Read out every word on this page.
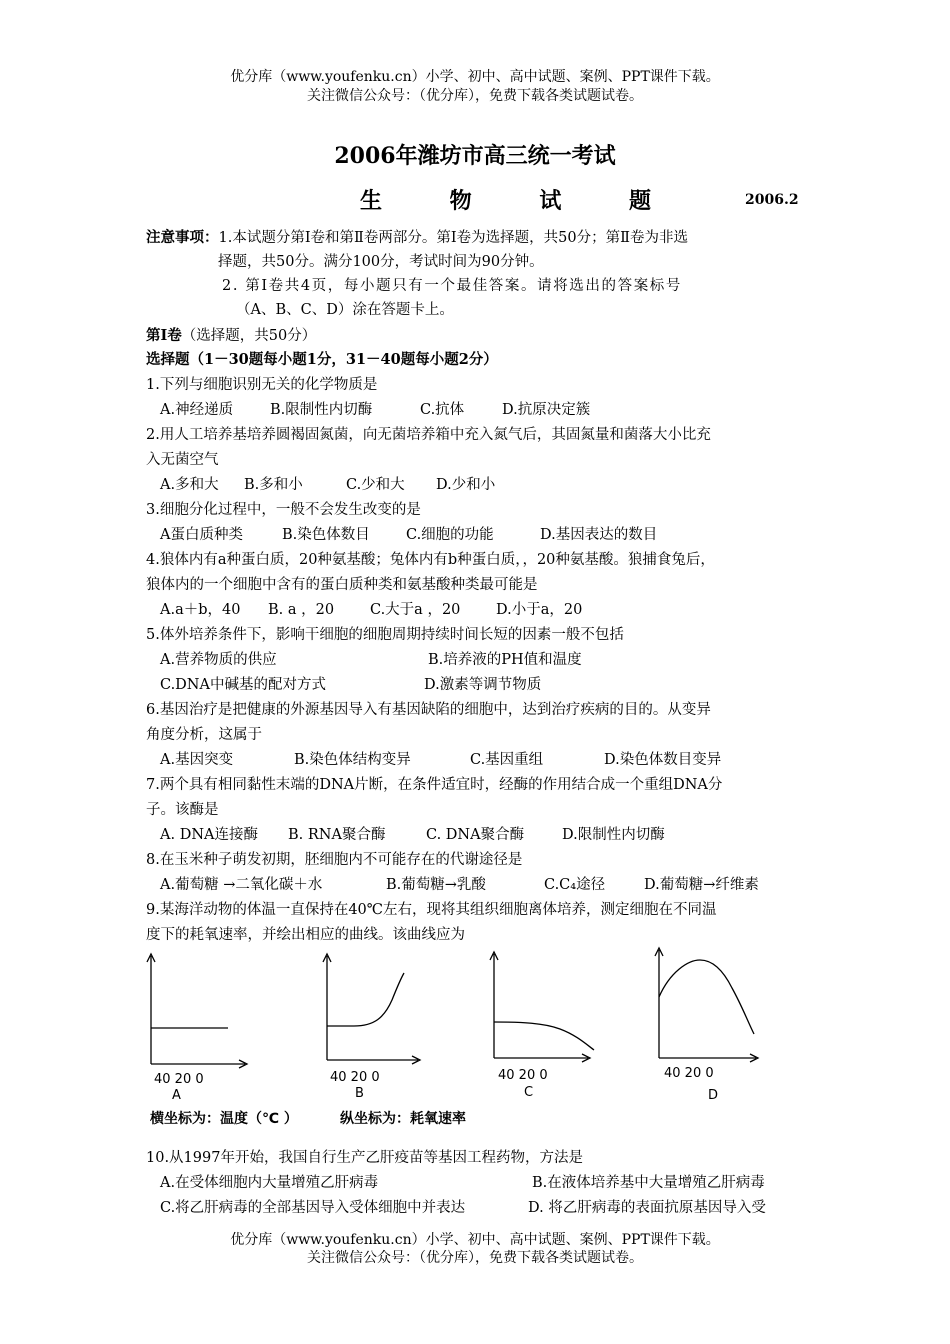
优分库（www.youfenku.cn）小学、初中、高中试题、案例、PPT课件下载。
关注微信公众号：（优分库），免费下载各类试题试卷。
2006年潍坊市高三统一考试
生 物 试 题	2006.2
注意事项：1.本试题分第Ⅰ卷和第Ⅱ卷两部分。第Ⅰ卷为选择题，共50分；第Ⅱ卷为非选
择题，共50分。满分100分，考试时间为90分钟。
2. 第Ⅰ卷共4页，每小题只有一个最佳答案。请将选出的答案标号
（A、B、C、D）涂在答题卡上。
第Ⅰ卷（选择题，共50分）
选择题（1－30题每小题1分，31－40题每小题2分）
1.下列与细胞识别无关的化学物质是
A.神经递质	B.限制性内切酶	C.抗体	D.抗原决定簇
2.用人工培养基培养圆褐固氮菌，向无菌培养箱中充入氮气后，其固氮量和菌落大小比充
入无菌空气
A.多和大 B.多和小	C.少和大 D.少和小
3.细胞分化过程中，一般不会发生改变的是
A蛋白质种类	B.染色体数目 C.细胞的功能	D.基因表达的数目
4.狼体内有a种蛋白质，20种氨基酸；兔体内有b种蛋白质，，20种氨基酸。狼捕食兔后，
狼体内的一个细胞中含有的蛋白质种类和氨基酸种类最可能是
A.a＋b，40 B. a ，20 C.大于a ，20 D.小于a，20
5.体外培养条件下，影响干细胞的细胞周期持续时间长短的因素一般不包括
A.营养物质的供应	B.培养液的PH值和温度
C.DNA中碱基的配对方式	D.激素等调节物质
6.基因治疗是把健康的外源基因导入有基因缺陷的细胞中，达到治疗疾病的目的。从变异
角度分析，这属于
A.基因突变	B.染色体结构变异	C.基因重组	D.染色体数目变异
7.两个具有相同黏性末端的DNA片断，在条件适宜时，经酶的作用结合成一个重组DNA分
子。该酶是
A. DNA连接酶 B. RNA聚合酶	C. DNA聚合酶	D.限制性内切酶
8.在玉米种子萌发初期，胚细胞内不可能存在的代谢途径是
A.葡萄糖 →二氧化碳＋水	B.葡萄糖→乳酸	C.C₄途径	D.葡萄糖→纤维素
9.某海洋动物的体温一直保持在40℃左右，现将其组织细胞离体培养，测定细胞在不同温
度下的耗氧速率，并绘出相应的曲线。该曲线应为
40 20 0
A
40 20 0
B
40 20 0
C
40 20 0
D
横坐标为：温度（℃ ）	纵坐标为：耗氧速率
10.从1997年开始，我国自行生产乙肝疫苗等基因工程药物，方法是
A.在受体细胞内大量增殖乙肝病毒	B.在液体培养基中大量增殖乙肝病毒
C.将乙肝病毒的全部基因导入受体细胞中并表达	D. 将乙肝病毒的表面抗原基因导入受
优分库（www.youfenku.cn）小学、初中、高中试题、案例、PPT课件下载。
关注微信公众号：（优分库），免费下载各类试题试卷。
